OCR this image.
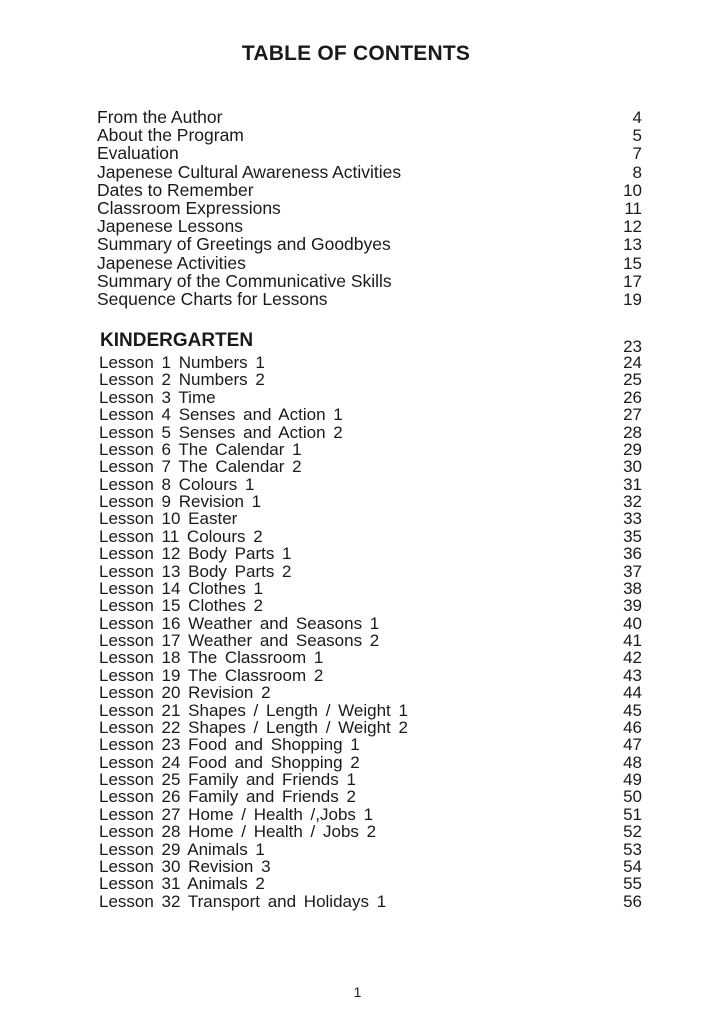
TABLE OF CONTENTS
From the Author	4
About the Program	5
Evaluation	7
Japenese Cultural Awareness Activities	8
Dates to Remember	10
Classroom Expressions	11
Japenese Lessons	12
Summary of Greetings and Goodbyes	13
Japenese Activities	15
Summary of the Communicative Skills	17
Sequence Charts for Lessons	19
KINDERGARTEN	23
Lesson 1 Numbers 1	24
Lesson 2 Numbers 2	25
Lesson 3 Time	26
Lesson 4 Senses and Action 1	27
Lesson 5 Senses and Action 2	28
Lesson 6 The Calendar 1	29
Lesson 7 The Calendar 2	30
Lesson 8 Colours 1	31
Lesson 9 Revision 1	32
Lesson 10 Easter	33
Lesson 11 Colours 2	35
Lesson 12 Body Parts 1	36
Lesson 13 Body Parts 2	37
Lesson 14 Clothes 1	38
Lesson 15 Clothes 2	39
Lesson 16 Weather and Seasons 1	40
Lesson 17 Weather and Seasons 2	41
Lesson 18 The Classroom 1	42
Lesson 19 The Classroom 2	43
Lesson 20 Revision 2	44
Lesson 21 Shapes / Length / Weight 1	45
Lesson 22 Shapes / Length / Weight 2	46
Lesson 23 Food and Shopping 1	47
Lesson 24 Food and Shopping 2	48
Lesson 25 Family and Friends 1	49
Lesson 26 Family and Friends 2	50
Lesson 27 Home / Health /,Jobs 1	51
Lesson 28 Home / Health / Jobs 2	52
Lesson 29 Animals 1	53
Lesson 30 Revision 3	54
Lesson 31 Animals 2	55
Lesson 32 Transport and Holidays 1	56
1
